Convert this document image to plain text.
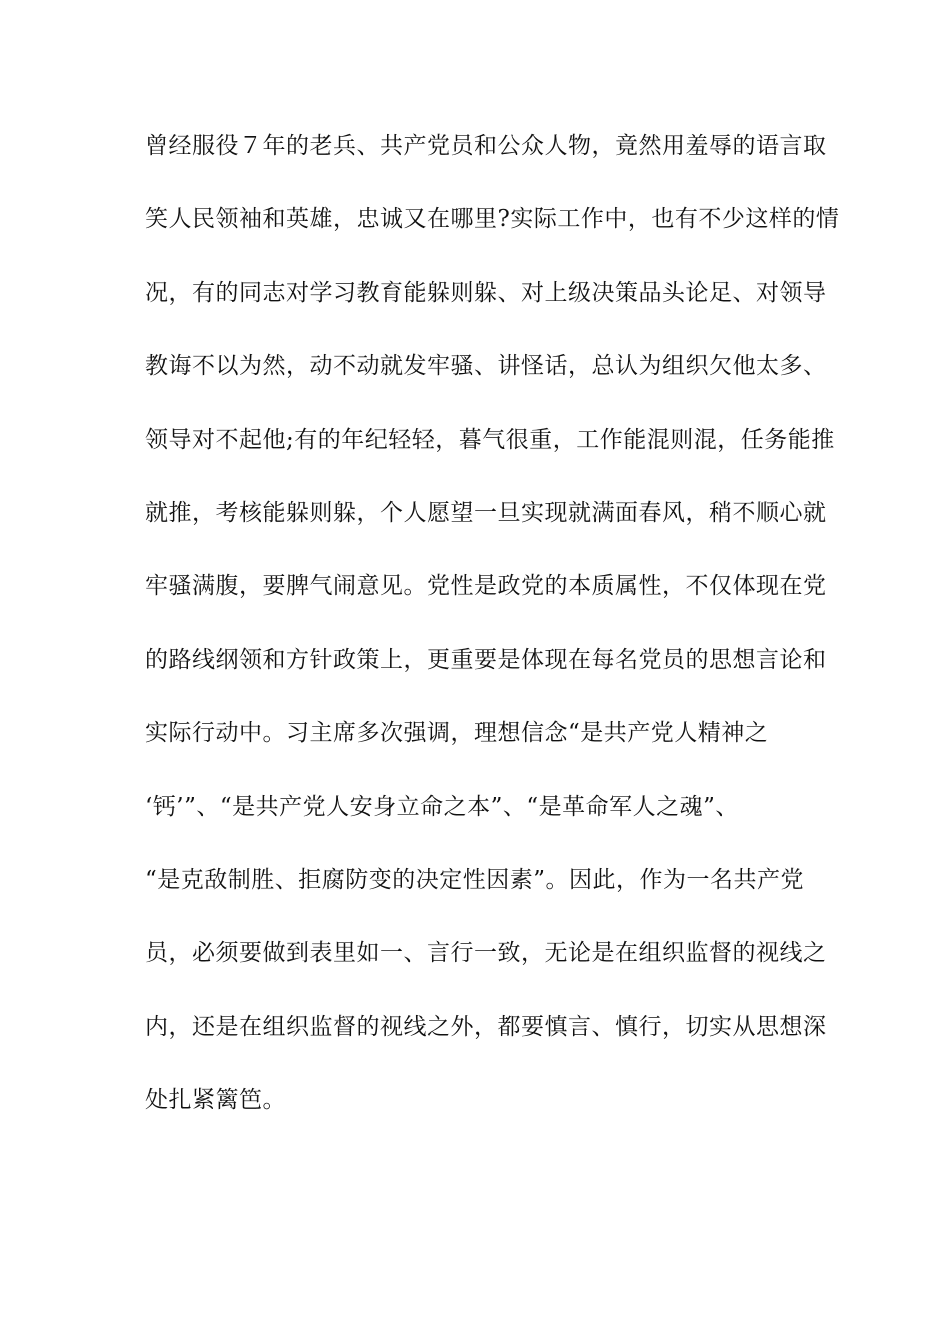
曾经服役７年的老兵、共产党员和公众人物，竟然用羞辱的语言取
笑人民领袖和英雄，忠诚又在哪里?实际工作中，也有不少这样的情
况，有的同志对学习教育能躲则躲、对上级决策品头论足、对领导
教诲不以为然，动不动就发牢骚、讲怪话，总认为组织欠他太多、
领导对不起他;有的年纪轻轻，暮气很重，工作能混则混，任务能推
就推，考核能躲则躲，个人愿望一旦实现就满面春风，稍不顺心就
牢骚满腹，要脾气闹意见。党性是政党的本质属性，不仅体现在党
的路线纲领和方针政策上，更重要是体现在每名党员的思想言论和
实际行动中。习主席多次强调，理想信念“是共产党人精神之
‘钙’”、“是共产党人安身立命之本”、“是革命军人之魂”、
“是克敌制胜、拒腐防变的决定性因素”。因此，作为一名共产党
员，必须要做到表里如一、言行一致，无论是在组织监督的视线之
内，还是在组织监督的视线之外，都要慎言、慎行，切实从思想深
处扎紧篱笆。
